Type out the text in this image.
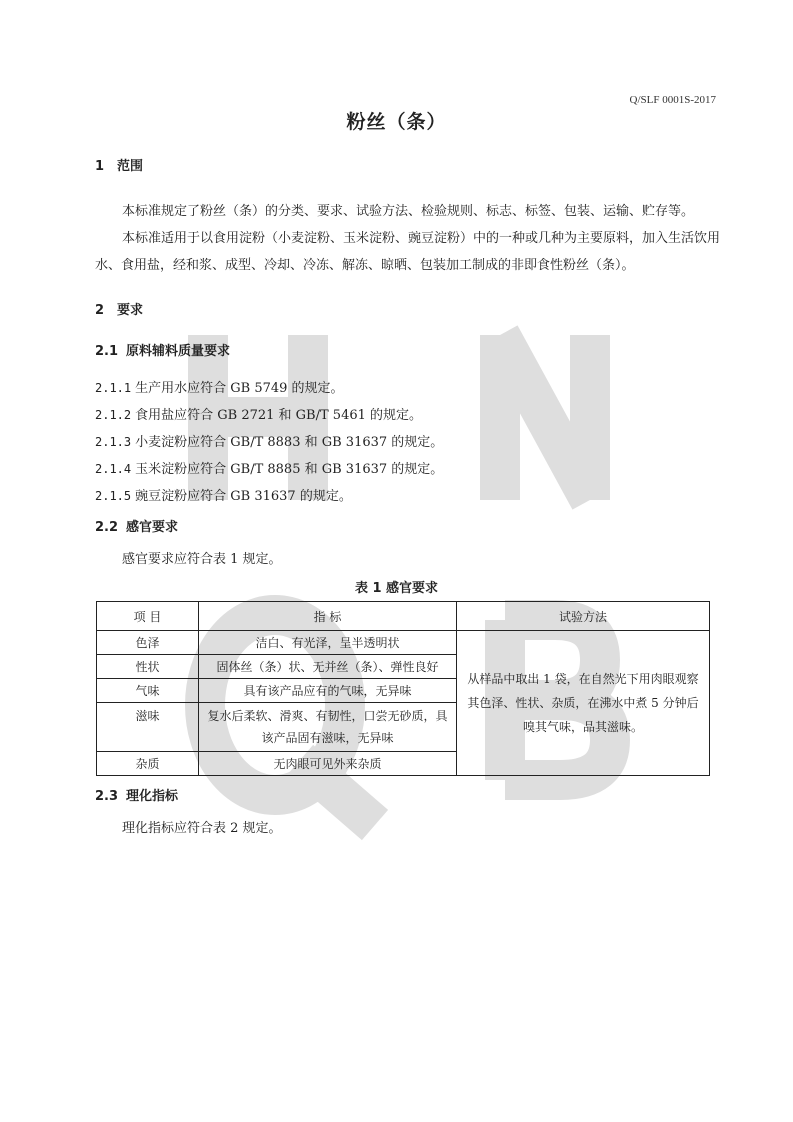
Q/SLF 0001S-2017
粉丝（条）
1 范围
本标准规定了粉丝（条）的分类、要求、试验方法、检验规则、标志、标签、包装、运输、贮存等。
本标准适用于以食用淀粉（小麦淀粉、玉米淀粉、豌豆淀粉）中的一种或几种为主要原料，加入生活饮用水、食用盐，经和浆、成型、冷却、冷冻、解冻、晾晒、包装加工制成的非即食性粉丝（条）。
2 要求
2.1 原料辅料质量要求
2.1.1 生产用水应符合 GB 5749 的规定。
2.1.2 食用盐应符合 GB 2721 和 GB/T 5461 的规定。
2.1.3 小麦淀粉应符合 GB/T 8883 和 GB 31637 的规定。
2.1.4 玉米淀粉应符合 GB/T 8885 和 GB 31637 的规定。
2.1.5 豌豆淀粉应符合 GB 31637 的规定。
2.2 感官要求
感官要求应符合表 1 规定。
表 1 感官要求
项 目	指 标	试验方法
色泽	洁白、有光泽，呈半透明状	从样品中取出 1 袋，在自然光下用肉眼观察其色泽、性状、杂质，在沸水中煮 5 分钟后嗅其气味，品其滋味。
性状	固体丝（条）状、无并丝（条）、弹性良好	
气味	具有该产品应有的气味，无异味	
滋味	复水后柔软、滑爽、有韧性，口尝无砂质，具该产品固有滋味，无异味	
杂质	无肉眼可见外来杂质	
2.3 理化指标
理化指标应符合表 2 规定。
